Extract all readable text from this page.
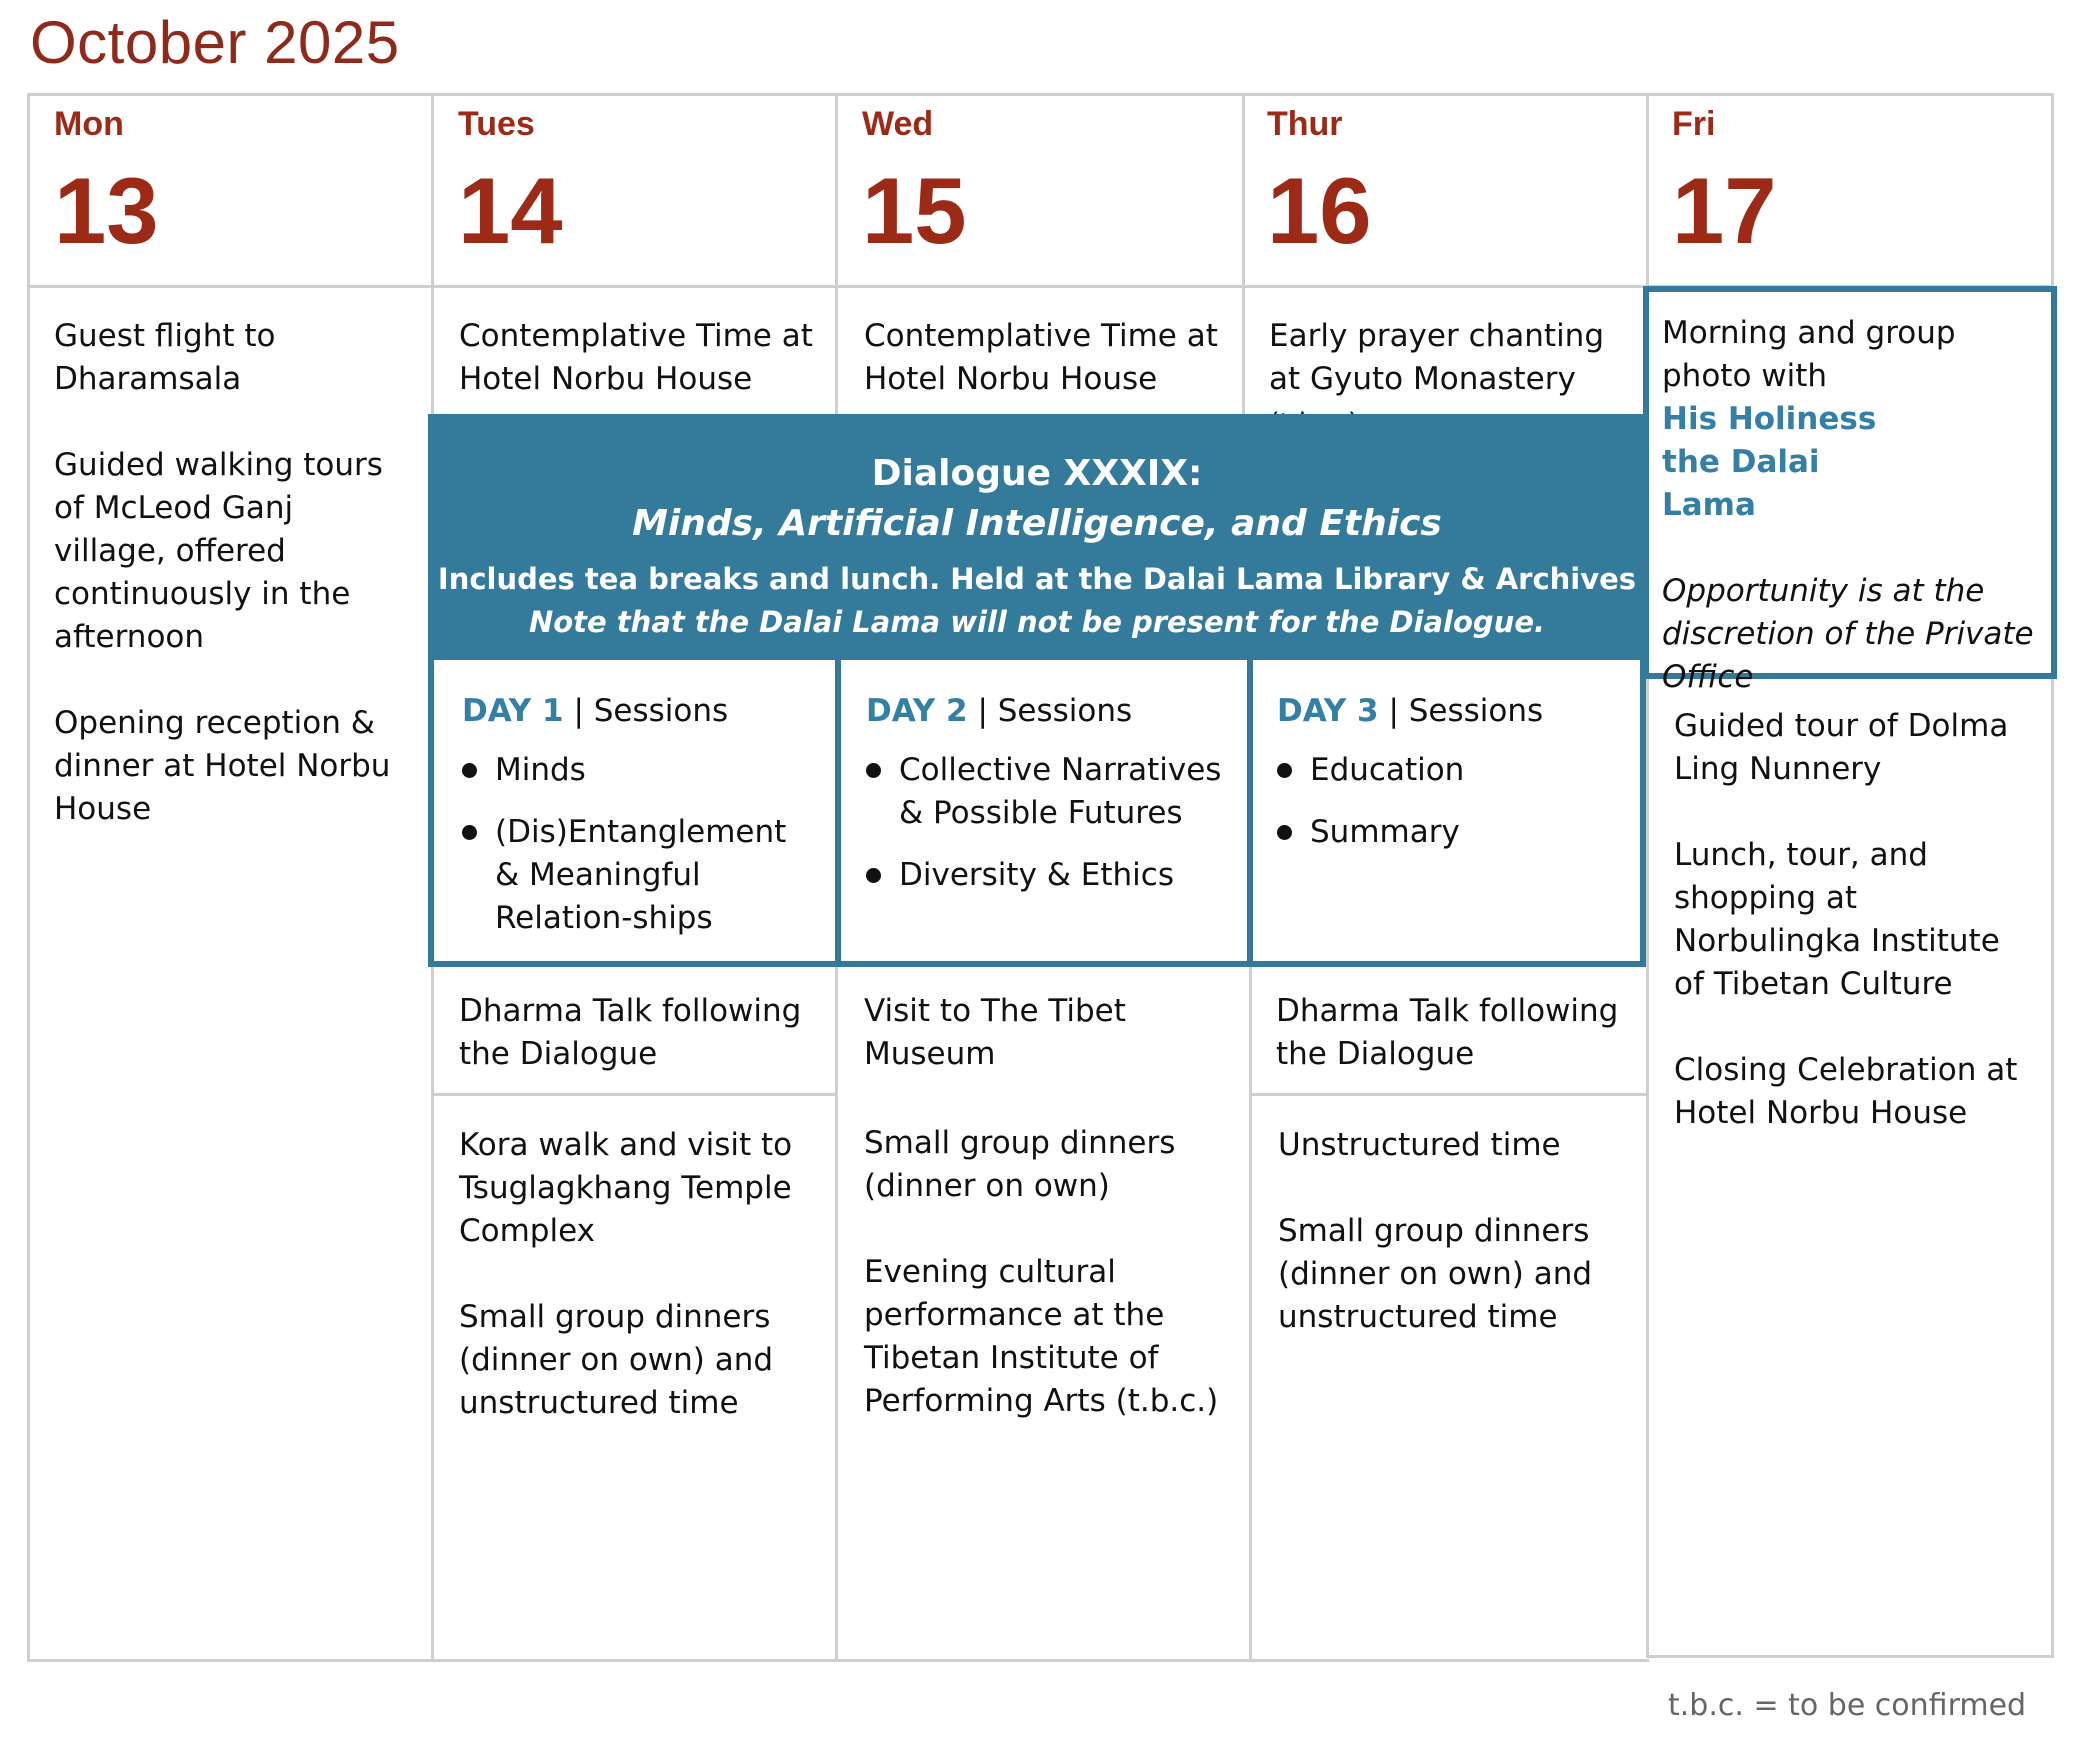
October 2025
Mon
13
Tues
14
Wed
15
Thur
16
Fri
17

Guest flight to Dharamsala

Guided walking tours of McLeod Ganj village, offered continuously in the afternoon

Opening reception & dinner at Hotel Norbu House

Contemplative Time at Hotel Norbu House

Dharma Talk following the Dialogue

Kora walk and visit to Tsuglagkhang Temple Complex

Small group dinners (dinner on own) and unstructured time

Contemplative Time at Hotel Norbu House

Visit to The Tibet Museum

Small group dinners (dinner on own)

Evening cultural performance at the Tibetan Institute of Performing Arts (t.b.c.)

Early prayer chanting at Gyuto Monastery

Dharma Talk following the Dialogue

Unstructured time

Small group dinners (dinner on own) and unstructured time

Morning and group photo with
His Holiness the Dalai Lama
Opportunity is at the discretion of the Private Office

Guided tour of Dolma Ling Nunnery

Lunch, tour, and shopping at Norbulingka Institute of Tibetan Culture

Closing Celebration at Hotel Norbu House

Dialogue XXXIX:
Minds, Artificial Intelligence, and Ethics
Includes tea breaks and lunch. Held at the Dalai Lama Library & Archives
Note that the Dalai Lama will not be present for the Dialogue.
DAY 1 | Sessions
Minds
(Dis)Entanglement & Meaningful Relation-ships
DAY 2 | Sessions
Collective Narratives & Possible Futures
Diversity & Ethics
DAY 3 | Sessions
Education
Summary
t.b.c. = to be confirmed
